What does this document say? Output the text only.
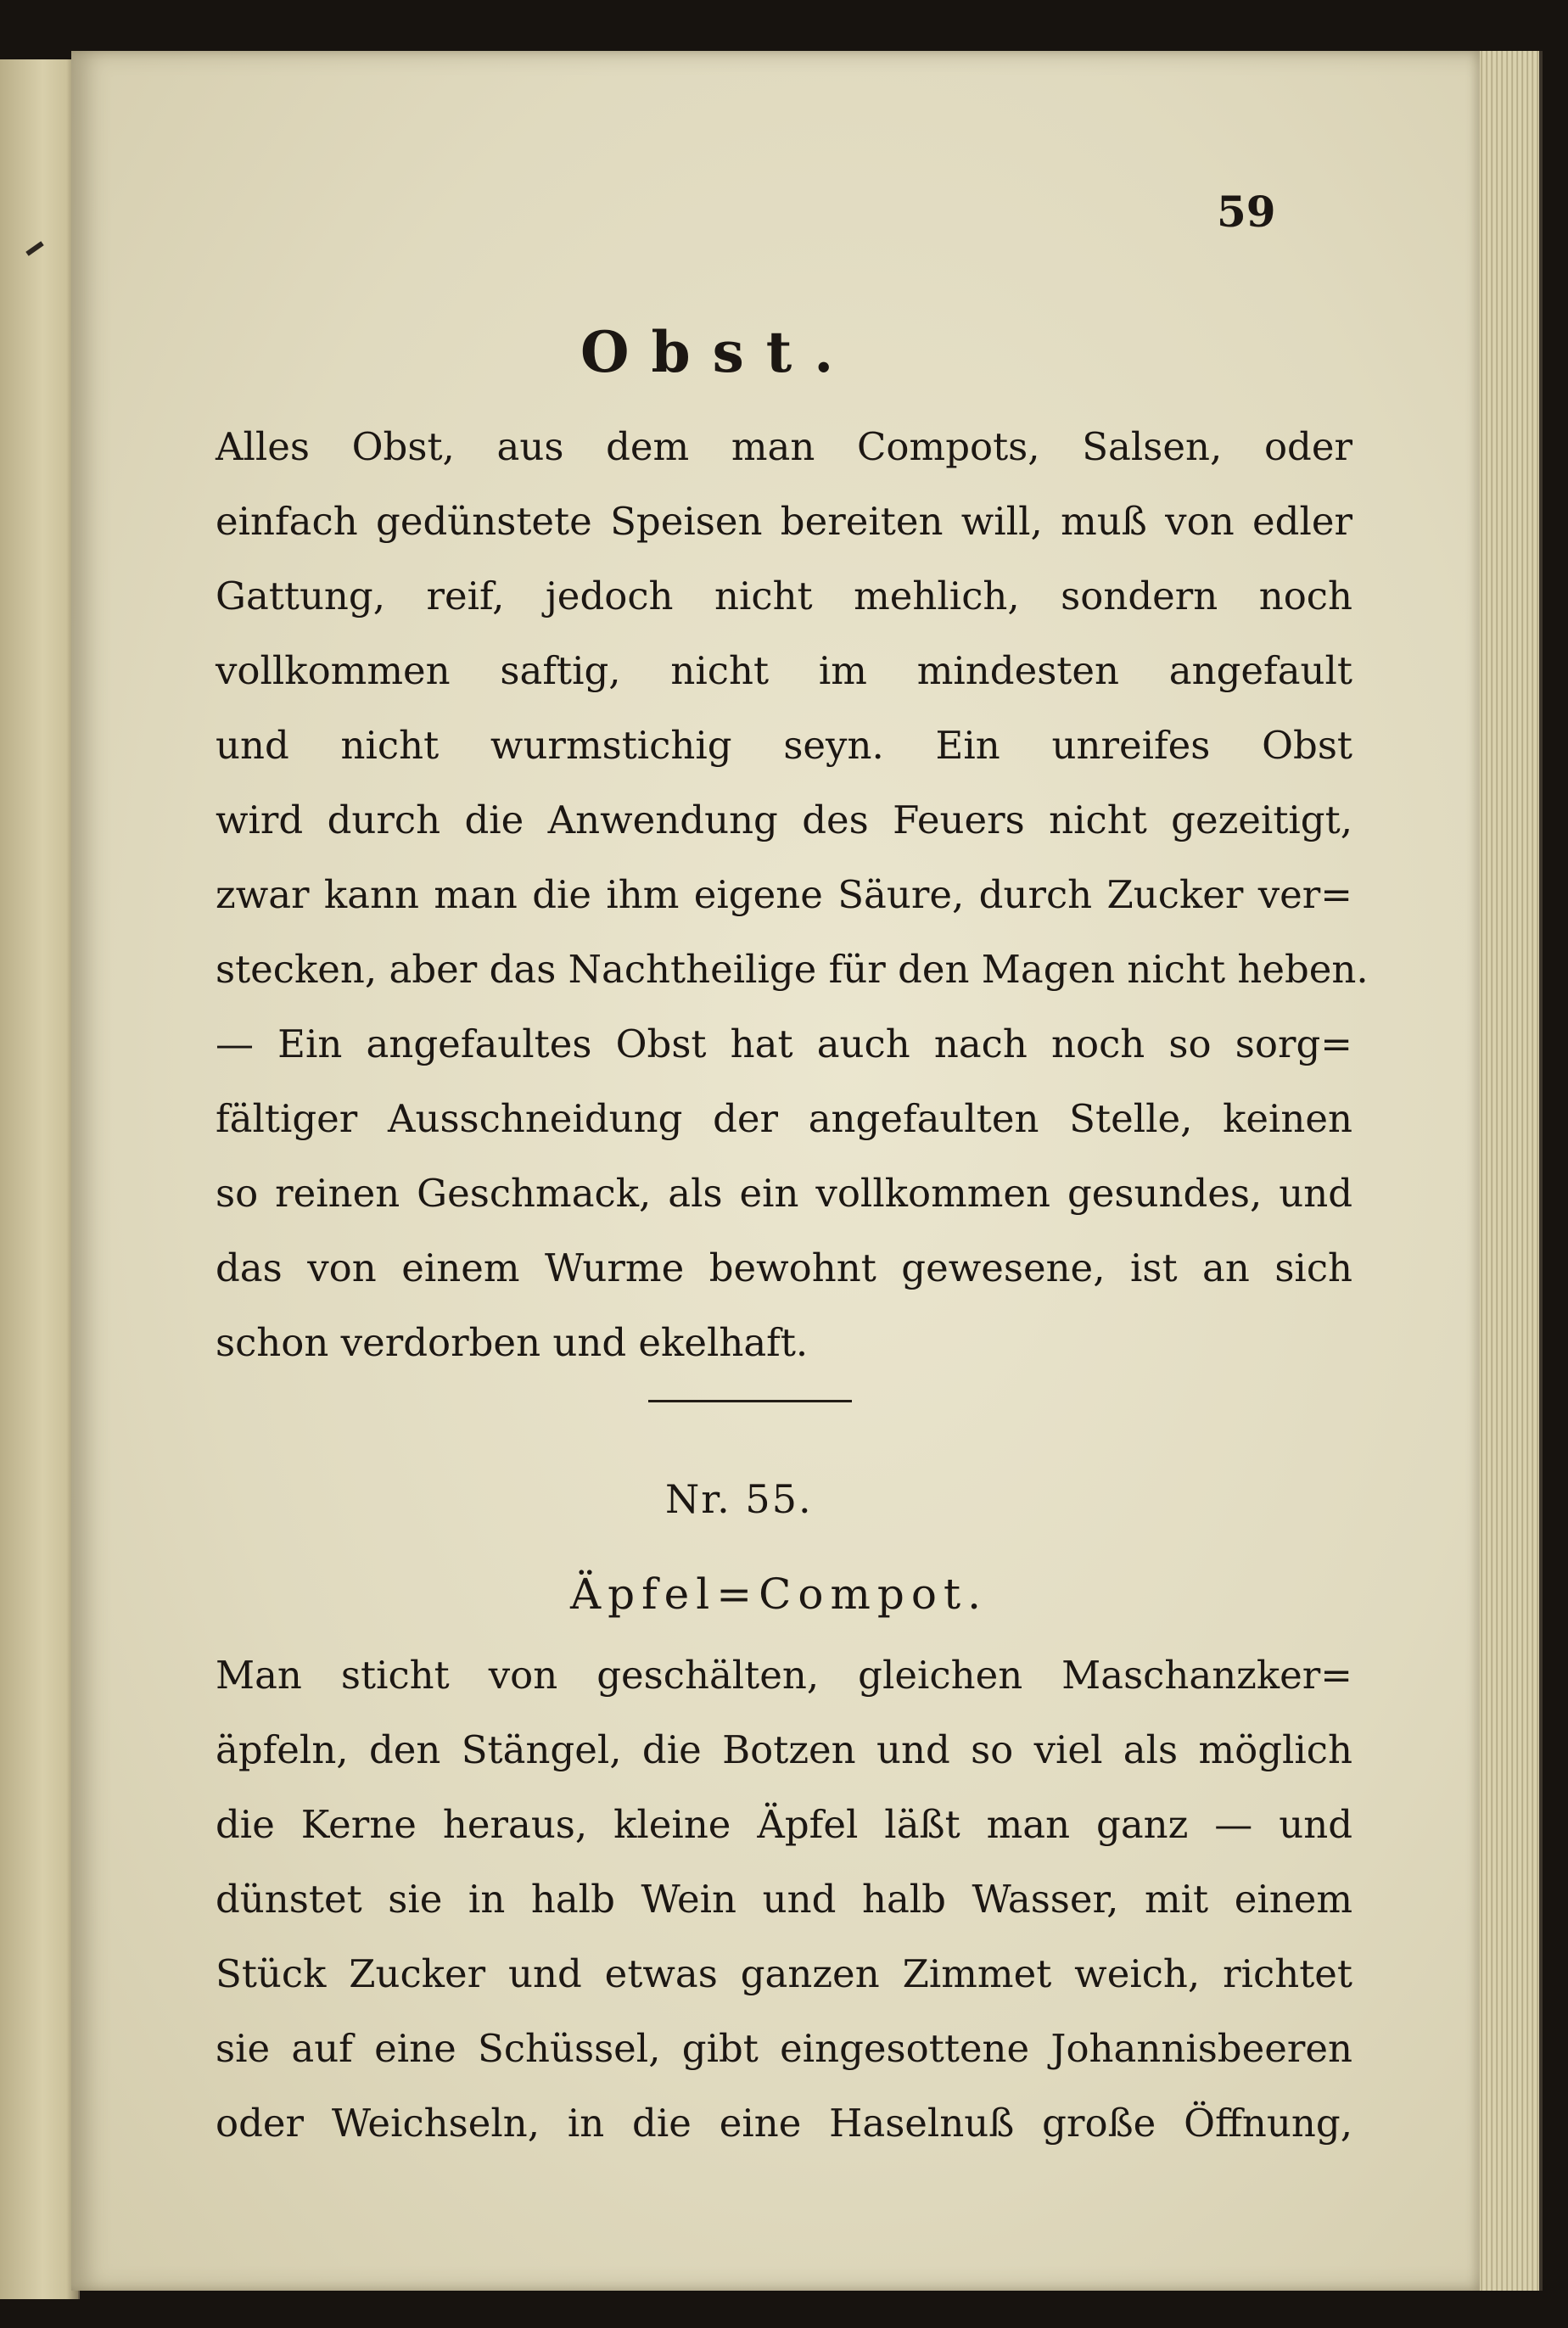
59
Obst.
Alles Obst, aus dem man Compots, Salsen, oder
einfach gedünstete Speisen bereiten will, muß von edler
Gattung, reif, jedoch nicht mehlich, sondern noch
vollkommen saftig, nicht im mindesten angefault
und nicht wurmstichig seyn. Ein unreifes Obst
wird durch die Anwendung des Feuers nicht gezeitigt,
zwar kann man die ihm eigene Säure, durch Zucker ver=
stecken, aber das Nachtheilige für den Magen nicht heben.
— Ein angefaultes Obst hat auch nach noch so sorg=
fältiger Ausschneidung der angefaulten Stelle, keinen
so reinen Geschmack, als ein vollkommen gesundes, und
das von einem Wurme bewohnt gewesene, ist an sich
schon verdorben und ekelhaft.
Nr. 55.
Äpfel=Compot.
Man sticht von geschälten, gleichen Maschanzker=
äpfeln, den Stängel, die Botzen und so viel als möglich
die Kerne heraus, kleine Äpfel läßt man ganz — und
dünstet sie in halb Wein und halb Wasser, mit einem
Stück Zucker und etwas ganzen Zimmet weich, richtet
sie auf eine Schüssel, gibt eingesottene Johannisbeeren
oder Weichseln, in die eine Haselnuß große Öffnung,
